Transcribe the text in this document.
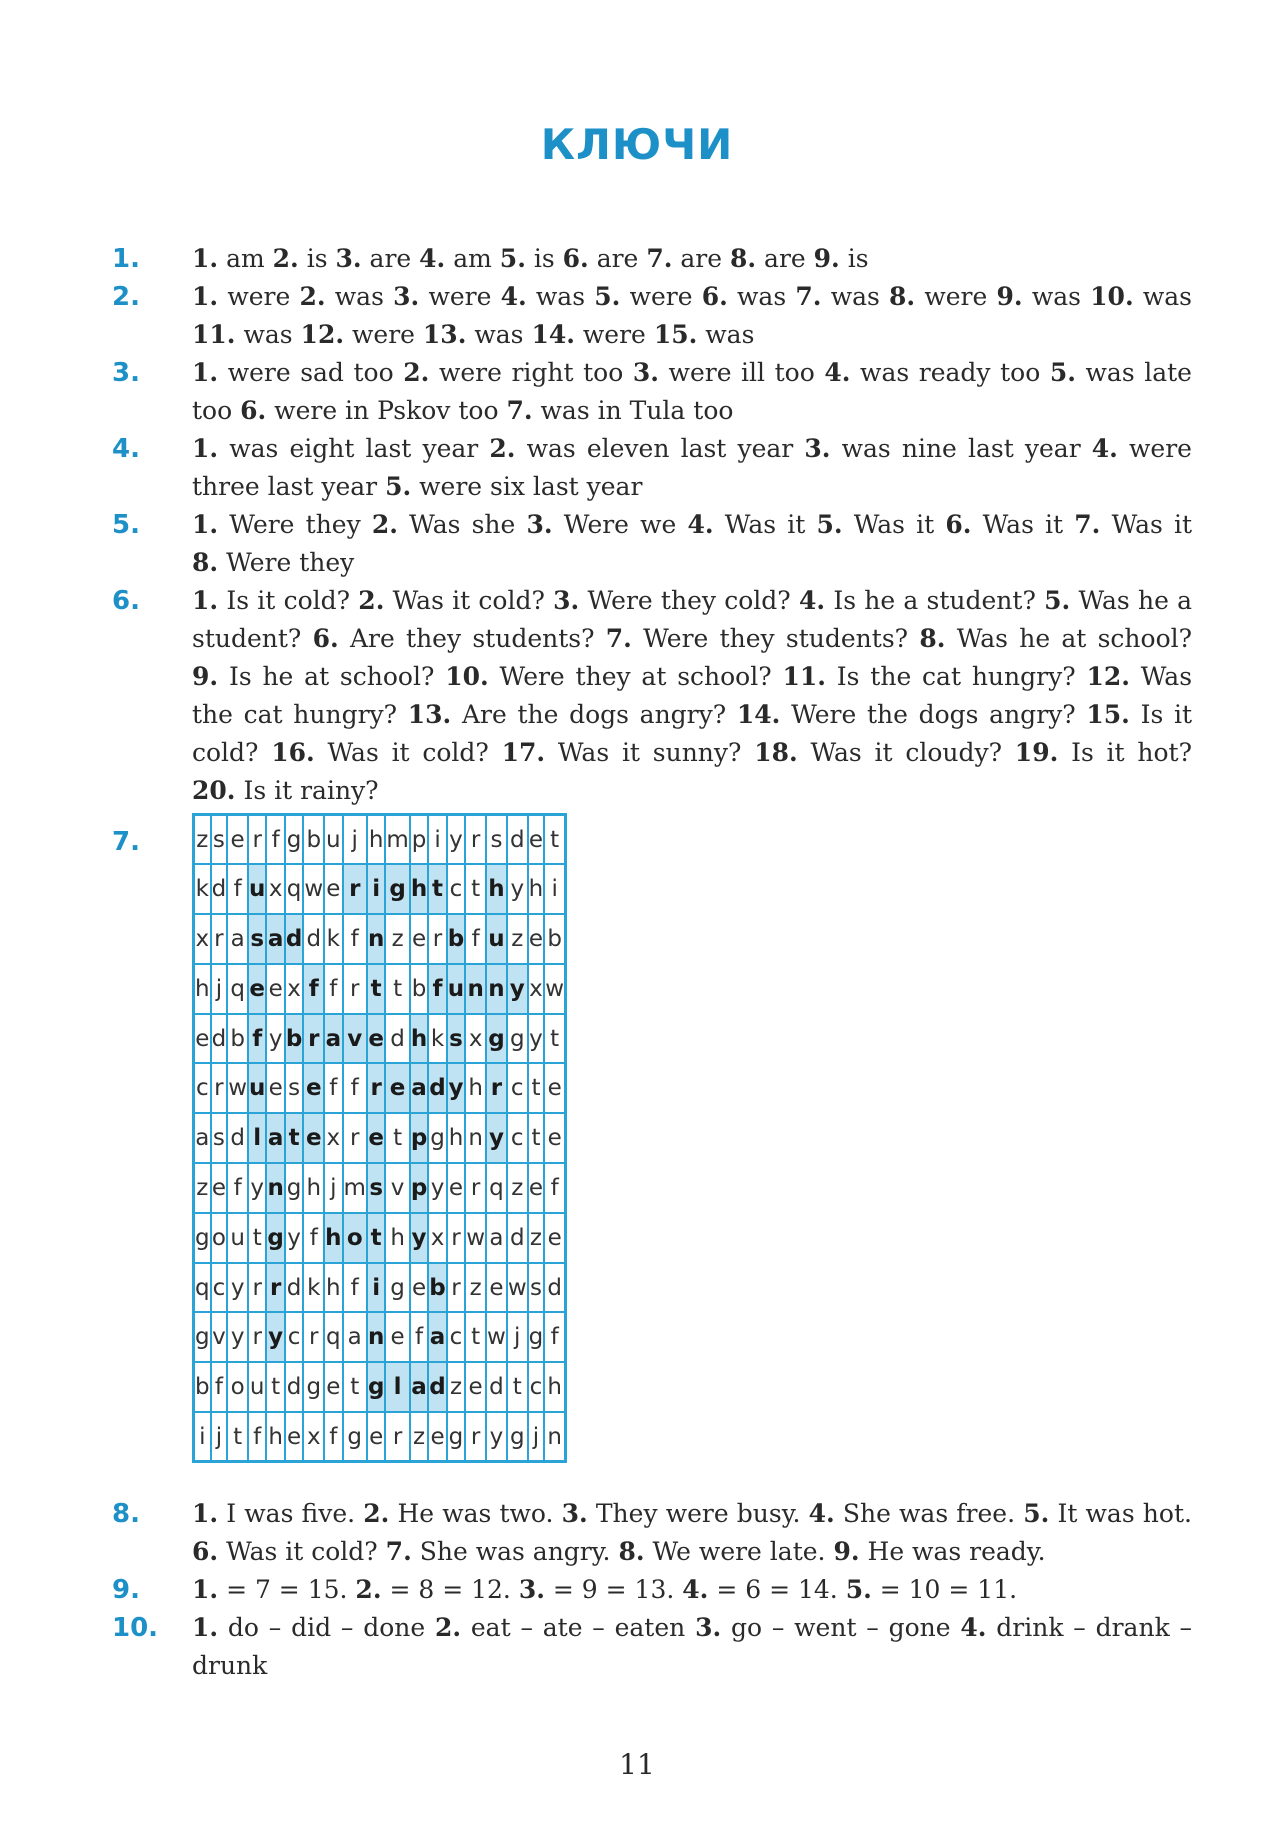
КЛЮЧИ
1. 1. am 2. is 3. are 4. am 5. is 6. are 7. are 8. are 9. is
2. 1. were 2. was 3. were 4. was 5. were 6. was 7. was 8. were 9. was 10. was 11. was 12. were 13. was 14. were 15. was
3. 1. were sad too 2. were right too 3. were ill too 4. was ready too 5. was late too 6. were in Pskov too 7. was in Tula too
4. 1. was eight last year 2. was eleven last year 3. was nine last year 4. were three last year 5. were six last year
5. 1. Were they 2. Was she 3. Were we 4. Was it 5. Was it 6. Was it 7. Was it 8. Were they
6. 1. Is it cold? 2. Was it cold? 3. Were they cold? 4. Is he a student? 5. Was he a student? 6. Are they students? 7. Were they students? 8. Was he at school? 9. Is he at school? 10. Were they at school? 11. Is the cat hungry? 12. Was the cat hungry? 13. Are the dogs angry? 14. Were the dogs angry? 15. Is it cold? 16. Was it cold? 17. Was it sunny? 18. Was it cloudy? 19. Is it hot? 20. Is it rainy?
7. z	s	e	r	f	g	b	u	j	h	m	p	i	y	r	s	d	e	t
k	d	f	u	x	q	w	e	r	i	g	h	t	c	t	h	y	h	i
x	r	a	s	a	d	d	k	f	n	z	e	r	b	f	u	z	e	b
h	j	q	e	e	x	f	f	r	t	t	b	f	u	n	n	y	x	w
e	d	b	f	y	b	r	a	v	e	d	h	k	s	x	g	g	y	t
c	r	w	u	e	s	e	f	f	r	e	a	d	y	h	r	c	t	e
a	s	d	l	a	t	e	x	r	e	t	p	g	h	n	y	c	t	e
z	e	f	y	n	g	h	j	m	s	v	p	y	e	r	q	z	e	f
g	o	u	t	g	y	f	h	o	t	h	y	x	r	w	a	d	z	e
q	c	y	r	r	d	k	h	f	i	g	e	b	r	z	e	w	s	d
g	v	y	r	y	c	r	q	a	n	e	f	a	c	t	w	j	g	f
b	f	o	u	t	d	g	e	t	g	l	a	d	z	e	d	t	c	h
i	j	t	f	h	e	x	f	g	e	r	z	e	g	r	y	g	j	n
8. 1. I was five. 2. He was two. 3. They were busy. 4. She was free. 5. It was hot. 6. Was it cold? 7. She was angry. 8. We were late. 9. He was ready.
9. 1. = 7 = 15. 2. = 8 = 12. 3. = 9 = 13. 4. = 6 = 14. 5. = 10 = 11.
10. 1. do – did – done 2. eat – ate – eaten 3. go – went – gone 4. drink – drank – drunk
11
